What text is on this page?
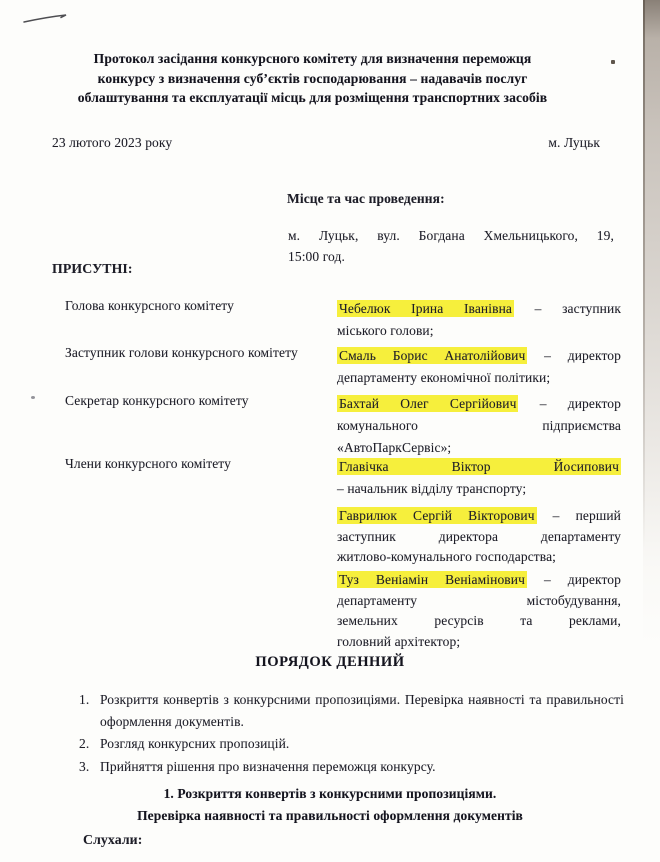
Протокол засідання конкурсного комітету для визначення переможця
конкурсу з визначення суб’єктів господарювання – надавачів послуг
облаштування та експлуатації місць для розміщення транспортних засобів
23 лютого 2023 року	м. Луцьк
Місце та час проведення:
м. Луцьк, вул. Богдана Хмельницького, 19,
15:00 год.
ПРИСУТНІ:
Голова конкурсного комітету	Чебелюк Ірина Іванівна – заступник
міського голови;
Заступник голови конкурсного комітету	Смаль Борис Анатолійович – директор
департаменту економічної політики;
Секретар конкурсного комітету	Бахтай Олег Сергійович – директор
комунального підприємства
«АвтоПаркСервіс»;
Члени конкурсного комітету	Главічка Віктор Йосипович
– начальник відділу транспорту;
Гаврилюк Сергій Вікторович – перший
заступник директора департаменту
житлово-комунального господарства;
Туз Веніамін Веніамінович – директор
департаменту містобудування,
земельних ресурсів та реклами,
головний архітектор;
ПОРЯДОК ДЕННИЙ
1. Розкриття конвертів з конкурсними пропозиціями. Перевірка наявності та правильності оформлення документів.
2. Розгляд конкурсних пропозицій.
3. Прийняття рішення про визначення переможця конкурсу.
1. Розкриття конвертів з конкурсними пропозиціями.
Перевірка наявності та правильності оформлення документів
Слухали:
